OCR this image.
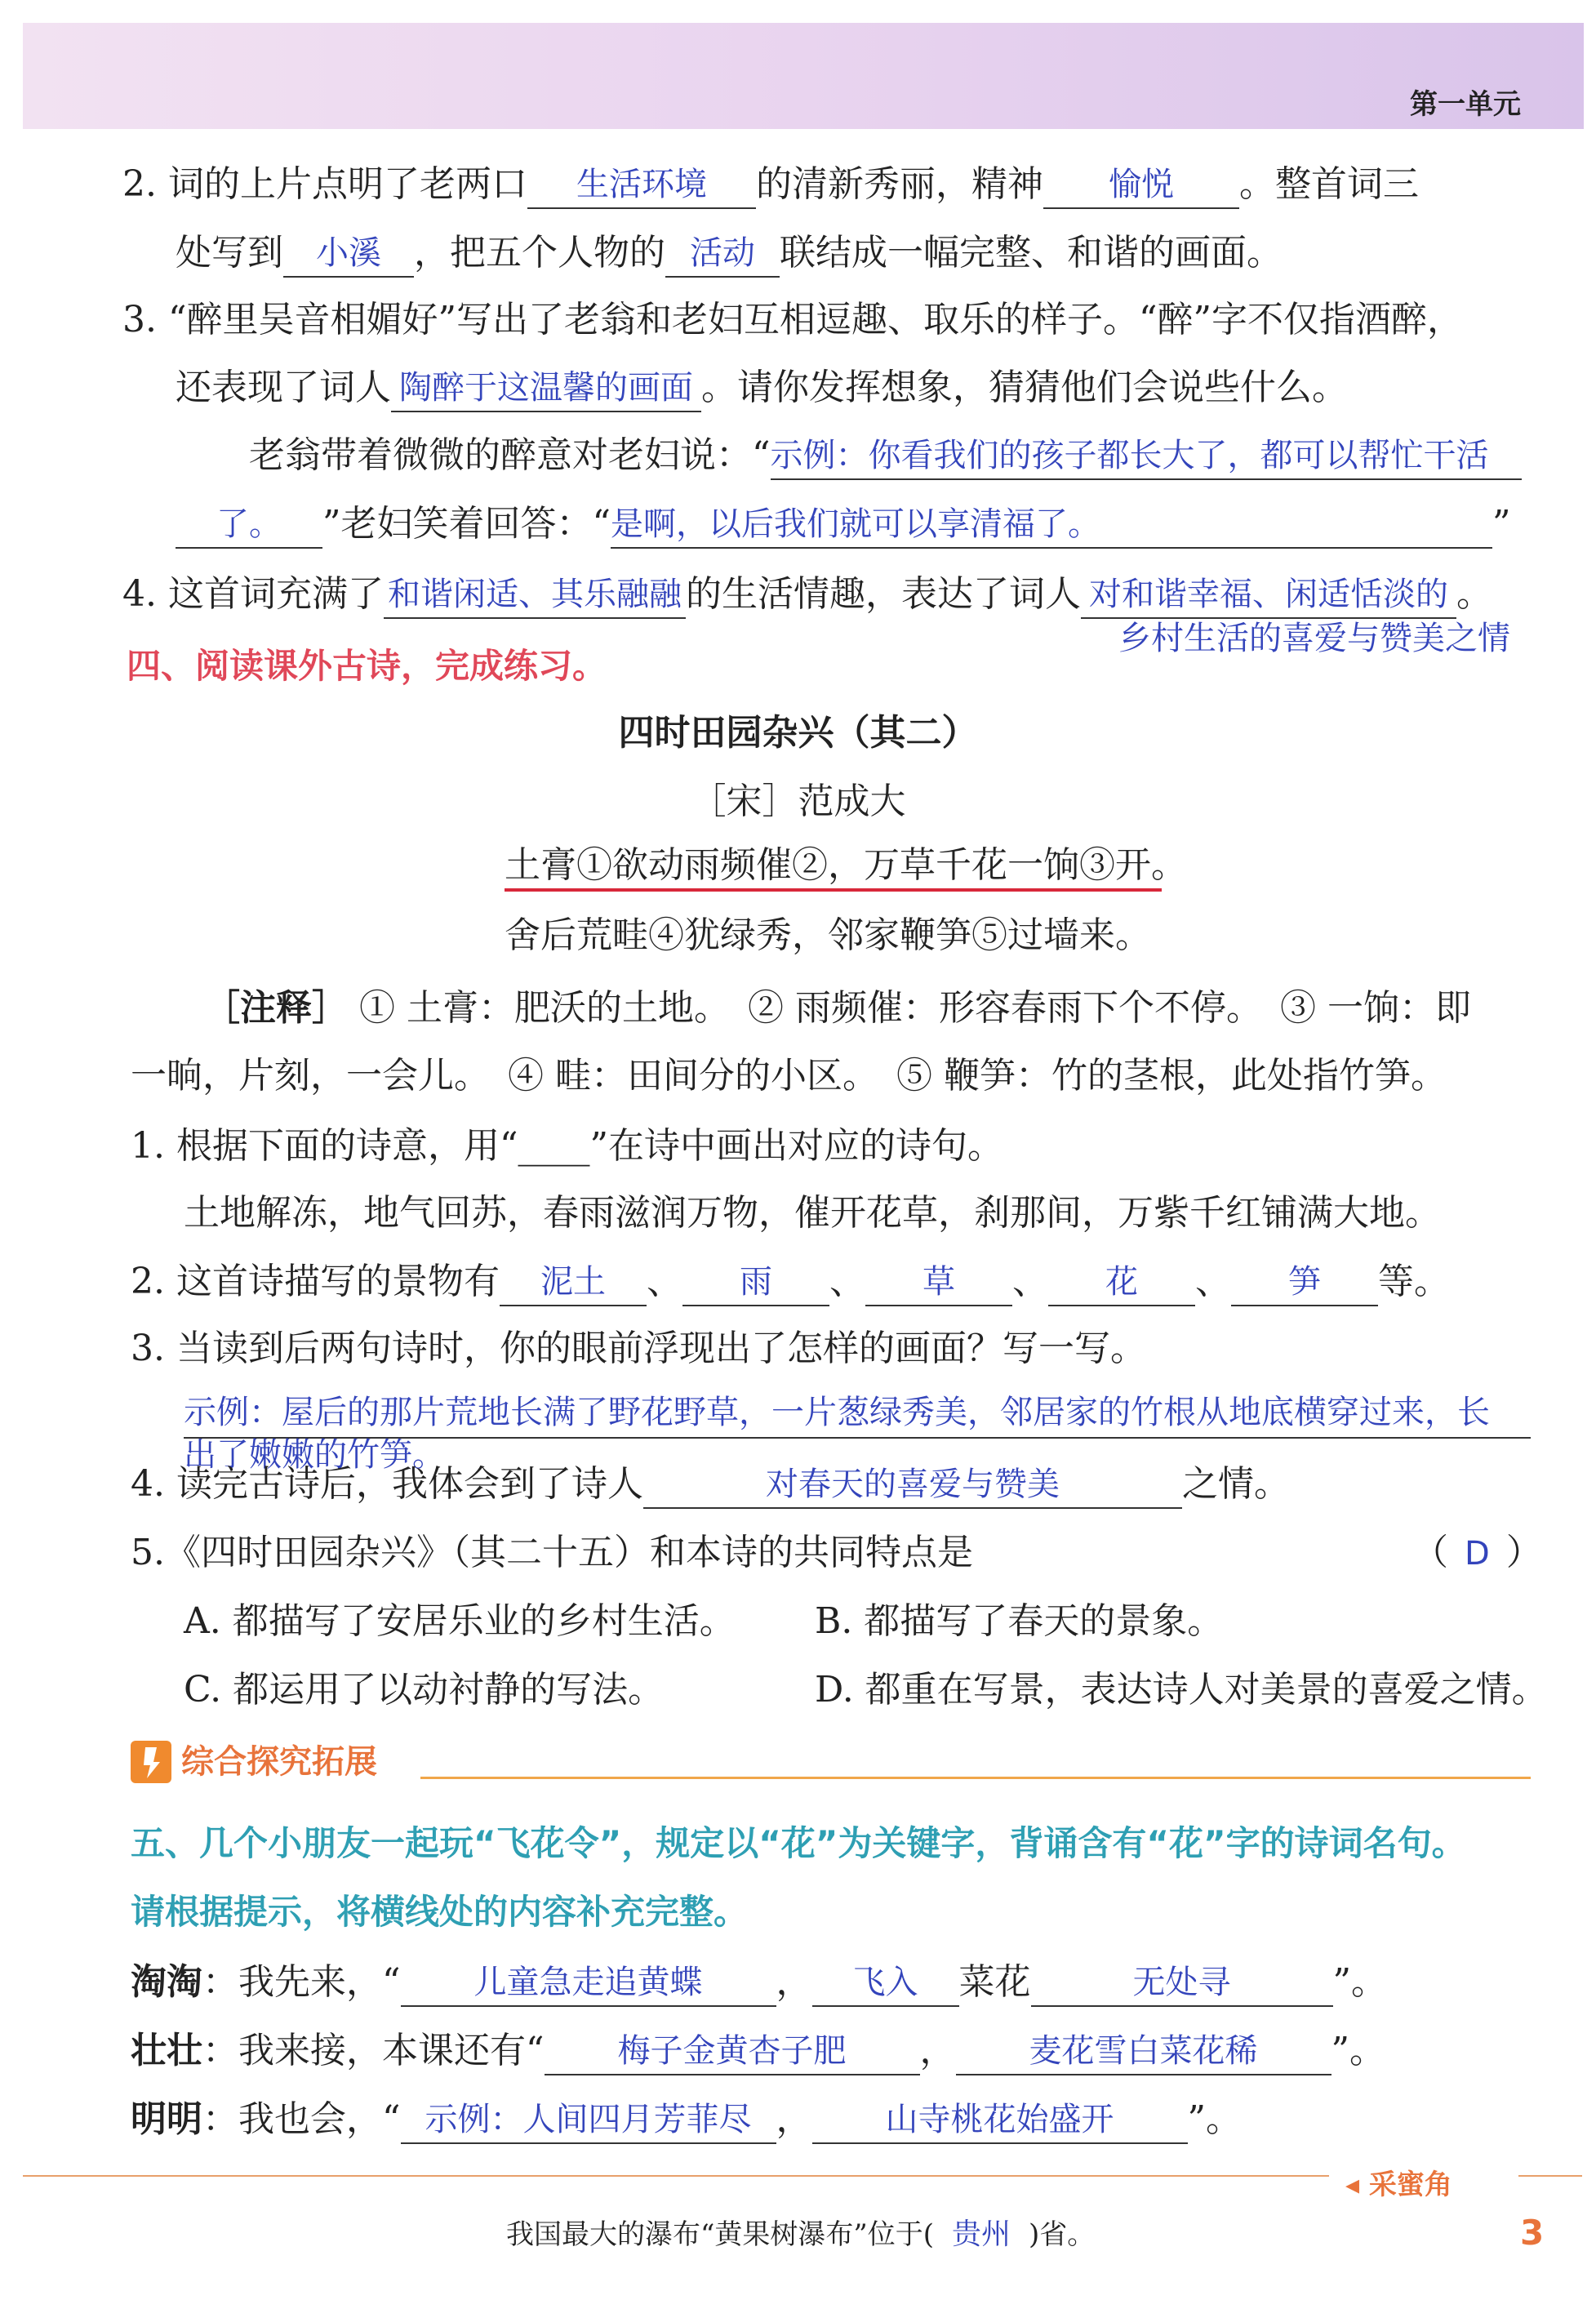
第一单元
2. 词的上片点明了老两口 生活环境 的清新秀丽，精神 愉悦 。整首词三
处写到 小溪 ，把五个人物的 活动 联结成一幅完整、和谐的画面。
3. “醉里吴音相媚好”写出了老翁和老妇互相逗趣、取乐的样子。“醉”字不仅指酒醉，
还表现了词人 陶醉于这温馨的画面 。请你发挥想象，猜猜他们会说些什么。
老翁带着微微的醉意对老妇说：“示例：你看我们的孩子都长大了，都可以帮忙干活
了。 ”老妇笑着回答：“是啊，以后我们就可以享清福了。	”
4. 这首词充满了 和谐闲适、其乐融融 的生活情趣，表达了词人 对和谐幸福、闲适恬淡的 。
乡村生活的喜爱与赞美之情
四、阅读课外古诗，完成练习。
四时田园杂兴（其二）
［宋］范成大
土膏①欲动雨频催②，万草千花一饷③开。
舍后荒畦④犹绿秀，邻家鞭笋⑤过墙来。
［注释］ ① 土膏：肥沃的土地。　② 雨频催：形容春雨下个不停。　③ 一饷：即
一晌，片刻，一会儿。　④ 畦：田间分的小区。　⑤ 鞭笋：竹的茎根，此处指竹笋。
1. 根据下面的诗意，用“____”在诗中画出对应的诗句。
土地解冻，地气回苏，春雨滋润万物，催开花草，刹那间，万紫千红铺满大地。
2. 这首诗描写的景物有 泥土 、 雨 、 草 、 花 、 笋 等。
3. 当读到后两句诗时，你的眼前浮现出了怎样的画面？写一写。
示例：屋后的那片荒地长满了野花野草，一片葱绿秀美，邻居家的竹根从地底横穿过来，长
出了嫩嫩的竹笋。
4. 读完古诗后，我体会到了诗人	对春天的喜爱与赞美	之情。
5.《四时田园杂兴》（其二十五）和本诗的共同特点是	（ D ）
A. 都描写了安居乐业的乡村生活。 B. 都描写了春天的景象。
C. 都运用了以动衬静的写法。	D. 都重在写景，表达诗人对美景的喜爱之情。
综合探究拓展
五、几个小朋友一起玩“飞花令”，规定以“花”为关键字，背诵含有“花”字的诗词名句。
请根据提示，将横线处的内容补充完整。
淘淘：我先来，“ 儿童急走追黄蝶 ， 飞入 菜花	无处寻	”。
壮壮：我来接，本课还有“ 梅子金黄杏子肥 ， 麦花雪白菜花稀 ”。
明明：我也会，“ 示例：人间四月芳菲尽 ， 山寺桃花始盛开 ”。
◂ 采蜜角
我国最大的瀑布“黄果树瀑布”位于( 贵州 )省。	3
